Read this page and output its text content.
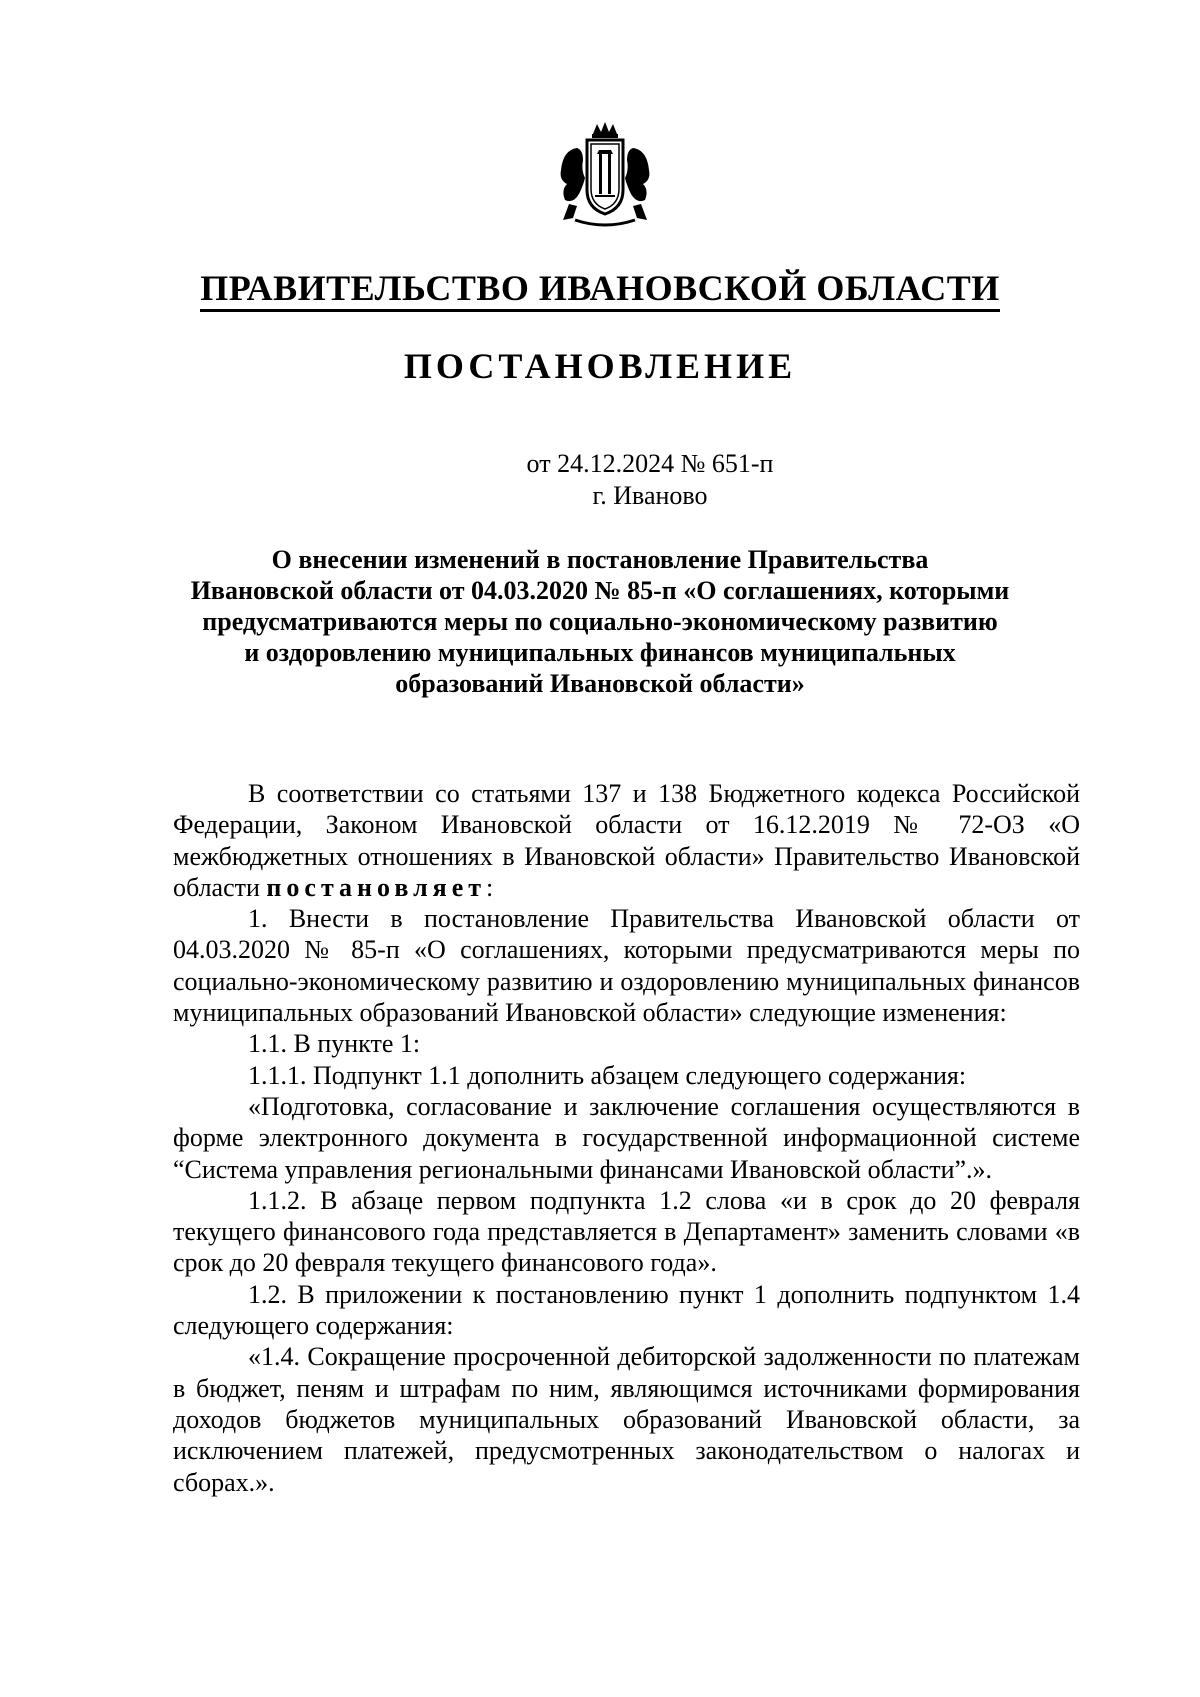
ПРАВИТЕЛЬСТВО ИВАНОВСКОЙ ОБЛАСТИ
ПОСТАНОВЛЕНИЕ
от 24.12.2024 № 651-п
г. Иваново
О внесении изменений в постановление Правительства
Ивановской области от 04.03.2020 № 85-п «О соглашениях, которыми
предусматриваются меры по социально-экономическому развитию
и оздоровлению муниципальных финансов муниципальных
образований Ивановской области»

В соответствии со статьями 137 и 138 Бюджетного кодекса Российской Федерации, Законом Ивановской области от 16.12.2019 № 72-ОЗ «О межбюджетных отношениях в Ивановской области» Правительство Ивановской области постановляет:

1. Внести в постановление Правительства Ивановской области от 04.03.2020 № 85-п «О соглашениях, которыми предусматриваются меры по социально-экономическому развитию и оздоровлению муниципальных финансов муниципальных образований Ивановской области» следующие изменения:

1.1. В пункте 1:

1.1.1. Подпункт 1.1 дополнить абзацем следующего содержания:

«Подготовка, согласование и заключение соглашения осуществляются в форме электронного документа в государственной информационной системе “Система управления региональными финансами Ивановской области”.».

1.1.2. В абзаце первом подпункта 1.2 слова «и в срок до 20 февраля текущего финансового года представляется в Департамент» заменить словами «в срок до 20 февраля текущего финансового года».

1.2. В приложении к постановлению пункт 1 дополнить подпунктом 1.4 следующего содержания:

«1.4. Сокращение просроченной дебиторской задолженности по платежам в бюджет, пеням и штрафам по ним, являющимся источниками формирования доходов бюджетов муниципальных образований Ивановской области, за исключением платежей, предусмотренных законодательством о налогах и сборах.».
